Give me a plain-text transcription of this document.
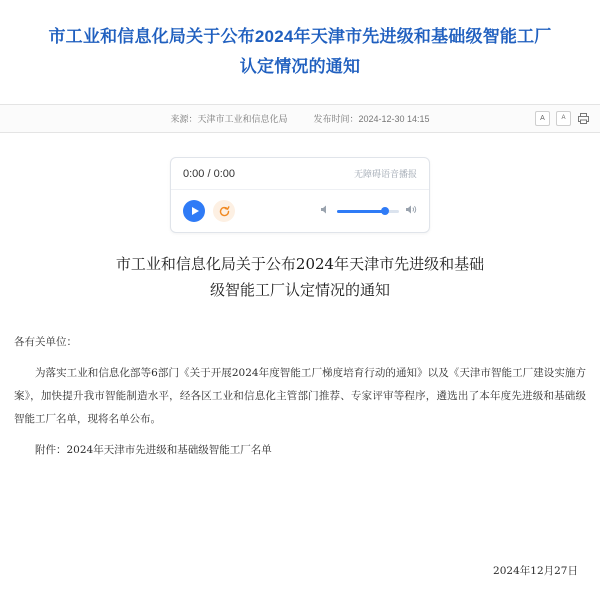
市工业和信息化局关于公布2024年天津市先进级和基础级智能工厂认定情况的通知
来源：天津市工业和信息化局	发布时间：2024-12-30 14:15	A	A
0:00 / 0:00	无障碍语音播报
市工业和信息化局关于公布2024年天津市先进级和基础级智能工厂认定情况的通知

各有关单位：

为落实工业和信息化部等6部门《关于开展2024年度智能工厂梯度培育行动的通知》以及《天津市智能工厂建设实施方案》，加快提升我市智能制造水平，经各区工业和信息化主管部门推荐、专家评审等程序，遴选出了本年度先进级和基础级智能工厂名单，现将名单公布。

附件：2024年天津市先进级和基础级智能工厂名单

2024年12月27日
